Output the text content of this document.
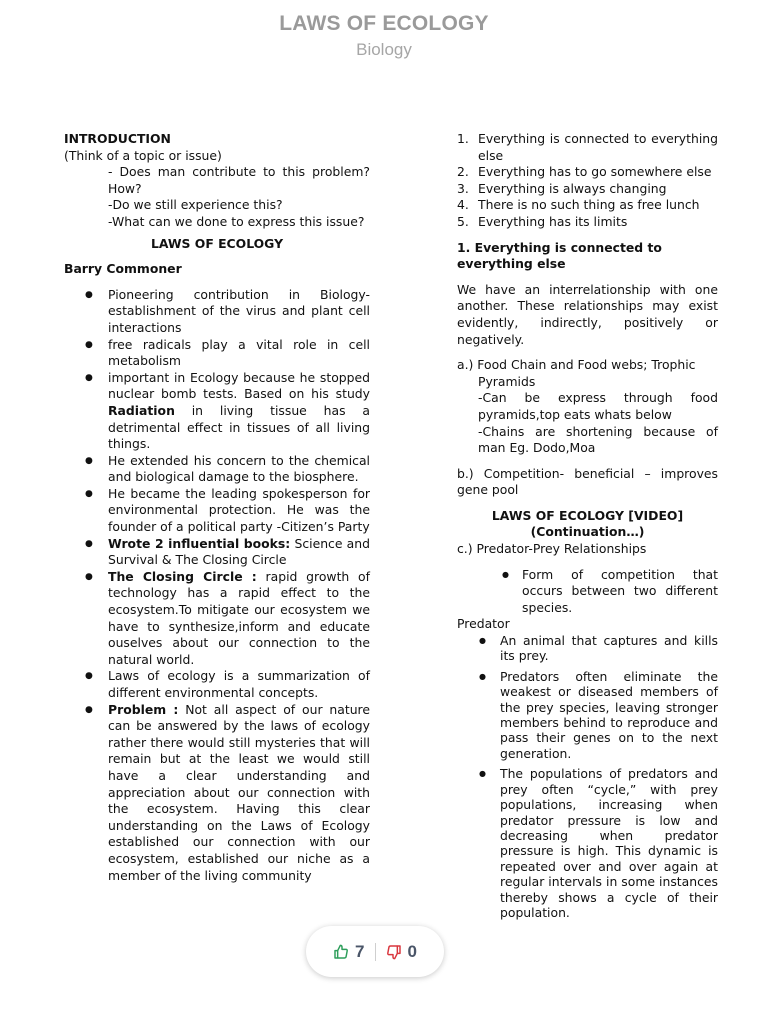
LAWS OF ECOLOGY
Biology
INTRODUCTION
(Think of a topic or issue)
- Does man contribute to this problem?How?
-Do we still experience this?
-What can we done to express this issue?
LAWS OF ECOLOGY
Barry Commoner
● Pioneering contribution in Biology- establishment of the virus and plant cell interactions
● free radicals play a vital role in cell metabolism
● important in Ecology because he stopped nuclear bomb tests. Based on his study Radiation in living tissue has a detrimental effect in tissues of all living things.
● He extended his concern to the chemical and biological damage to the biosphere.
● He became the leading spokesperson for environmental protection. He was the founder of a political party -Citizen’s Party
● Wrote 2 influential books: Science and Survival & The Closing Circle
● The Closing Circle : rapid growth of technology has a rapid effect to the ecosystem.To mitigate our ecosystem we have to synthesize,inform and educate ouselves about our connection to the natural world.
● Laws of ecology is a summarization of different environmental concepts.
● Problem : Not all aspect of our nature can be answered by the laws of ecology rather there would still mysteries that will remain but at the least we would still have a clear understanding and appreciation about our connection with the ecosystem. Having this clear understanding on the Laws of Ecology established our connection with our ecosystem, established our niche as a member of the living community
1. Everything is connected to everything else
2. Everything has to go somewhere else
3. Everything is always changing
4. There is no such thing as free lunch
5. Everything has its limits
1. Everything is connected to everything else
We have an interrelationship with one another. These relationships may exist evidently, indirectly, positively or negatively.
a.) Food Chain and Food webs; Trophic Pyramids
-Can be express through food pyramids,top eats whats below
-Chains are shortening because of man Eg. Dodo,Moa
b.) Competition- beneficial – improves gene pool
LAWS OF ECOLOGY [VIDEO] (Continuation…)
c.) Predator-Prey Relationships
● Form of competition that occurs between two different species.
Predator
● An animal that captures and kills its prey.
● Predators often eliminate the weakest or diseased members of the prey species, leaving stronger members behind to reproduce and pass their genes on to the next generation.
● The populations of predators and prey often “cycle,” with prey populations, increasing when predator pressure is low and decreasing when predator pressure is high. This dynamic is repeated over and over again at regular intervals in some instances thereby shows a cycle of their population.
7	0
